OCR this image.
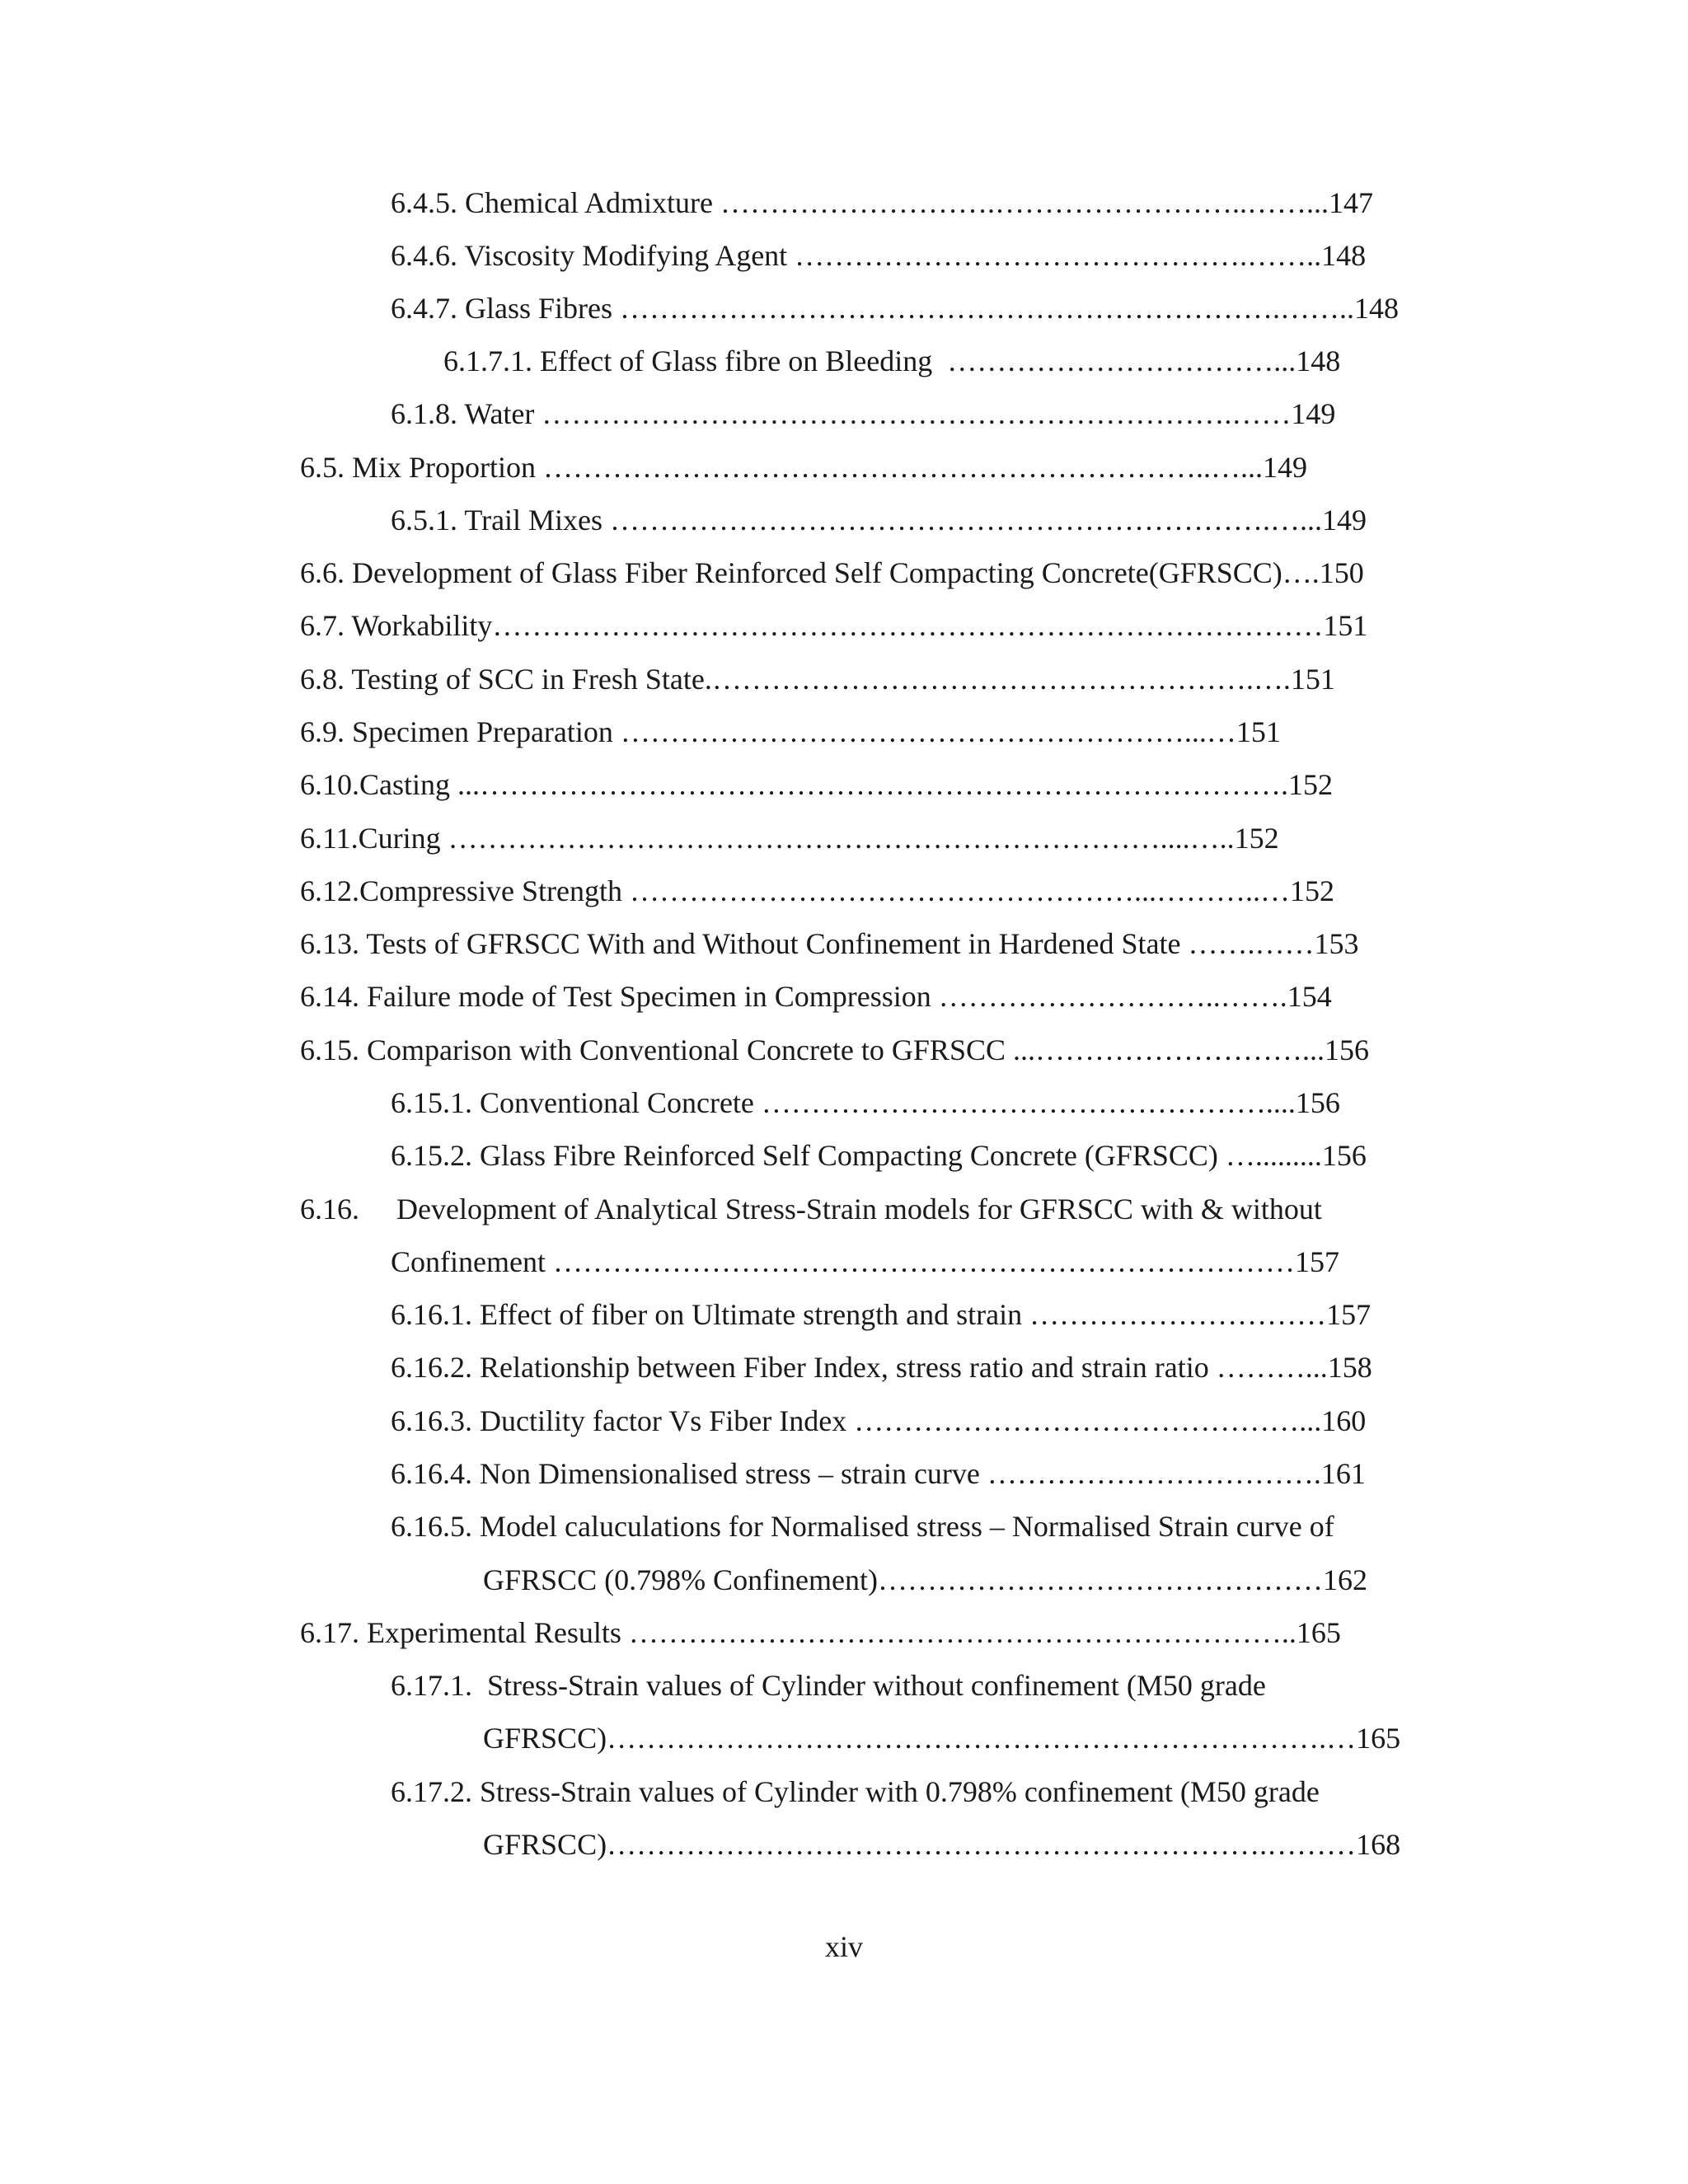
6.4.5. Chemical Admixture ……………………….……………………..……...147
6.4.6. Viscosity Modifying Agent ……………………………………….……..148
6.4.7. Glass Fibres ………………………………………………………….……..148
6.1.7.1. Effect of Glass fibre on Bleeding  ……………………………...148
6.1.8. Water …………………………………………………………….……149
6.5. Mix Proportion …………………………………………………………..…...149
6.5.1. Trail Mixes ………………………………………………………….…...149
6.6. Development of Glass Fiber Reinforced Self Compacting Concrete(GFRSCC)….150
6.7. Workability…………………………………………………………………………151
6.8. Testing of SCC in Fresh State.……………………………………………….….151
6.9. Specimen Preparation …………………………………………………...…151
6.10.Casting ...……………………………………………………………………….152
6.11.Curing ………………………………………………………………....…..152
6.12.Compressive Strength ……………………………………………...………..…152
6.13. Tests of GFRSCC With and Without Confinement in Hardened State …….……153
6.14. Failure mode of Test Specimen in Compression ………………………..…….154
6.15. Comparison with Conventional Concrete to GFRSCC ...………………………...156
6.15.1. Conventional Concrete ……………………………………………....156
6.15.2. Glass Fibre Reinforced Self Compacting Concrete (GFRSCC) ….........156
6.16.     Development of Analytical Stress-Strain models for GFRSCC with & without
Confinement …………………………………………………………………157
6.16.1. Effect of fiber on Ultimate strength and strain …………………………157
6.16.2. Relationship between Fiber Index, stress ratio and strain ratio ………...158
6.16.3. Ductility factor Vs Fiber Index ………………………………………...160
6.16.4. Non Dimensionalised stress – strain curve …………………………….161
6.16.5. Model caluculations for Normalised stress – Normalised Strain curve of
GFRSCC (0.798% Confinement)………………………………………162
6.17. Experimental Results …………………………………………………………..165
6.17.1.  Stress-Strain values of Cylinder without confinement (M50 grade
GFRSCC)……………………………………………………………….…165
6.17.2. Stress-Strain values of Cylinder with 0.798% confinement (M50 grade
GFRSCC)………………………………………………………….………168
xiv
